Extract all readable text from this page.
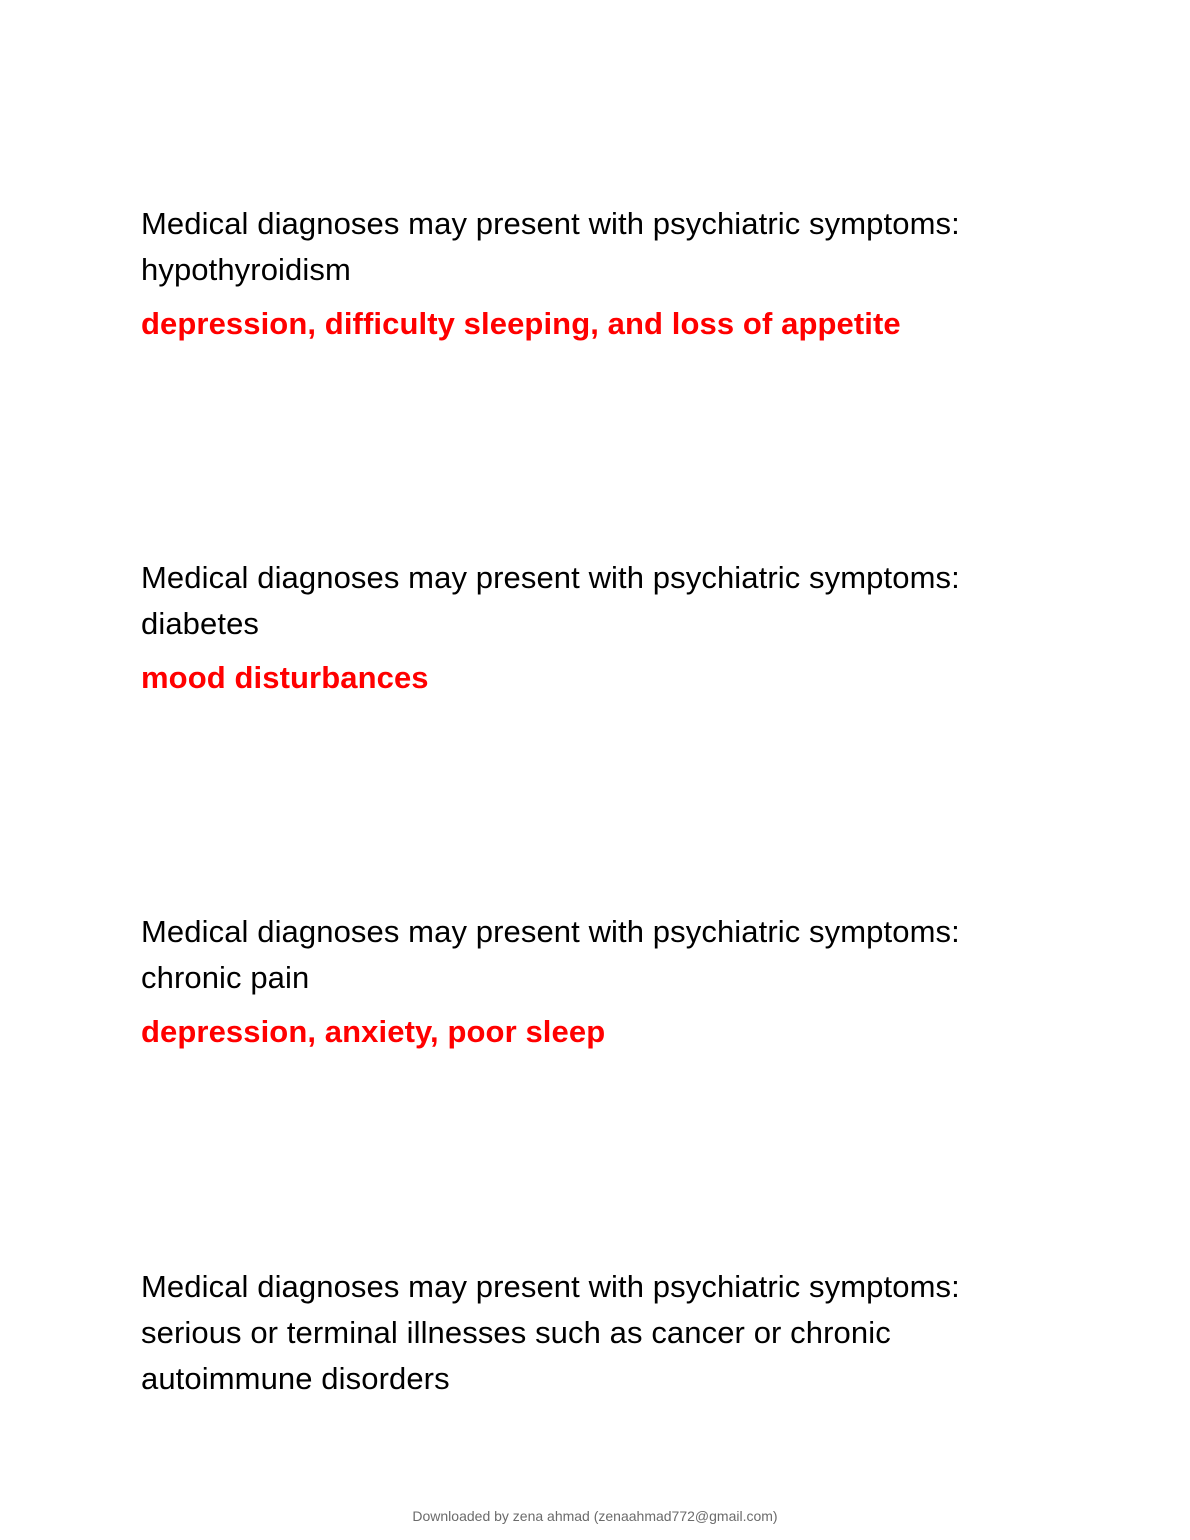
Medical diagnoses may present with psychiatric symptoms: hypothyroidism

depression, difficulty sleeping, and loss of appetite

Medical diagnoses may present with psychiatric symptoms: diabetes

mood disturbances

Medical diagnoses may present with psychiatric symptoms: chronic pain

depression, anxiety, poor sleep

Medical diagnoses may present with psychiatric symptoms: serious or terminal illnesses such as cancer or chronic autoimmune disorders

Downloaded by zena ahmad (zenaahmad772@gmail.com)
